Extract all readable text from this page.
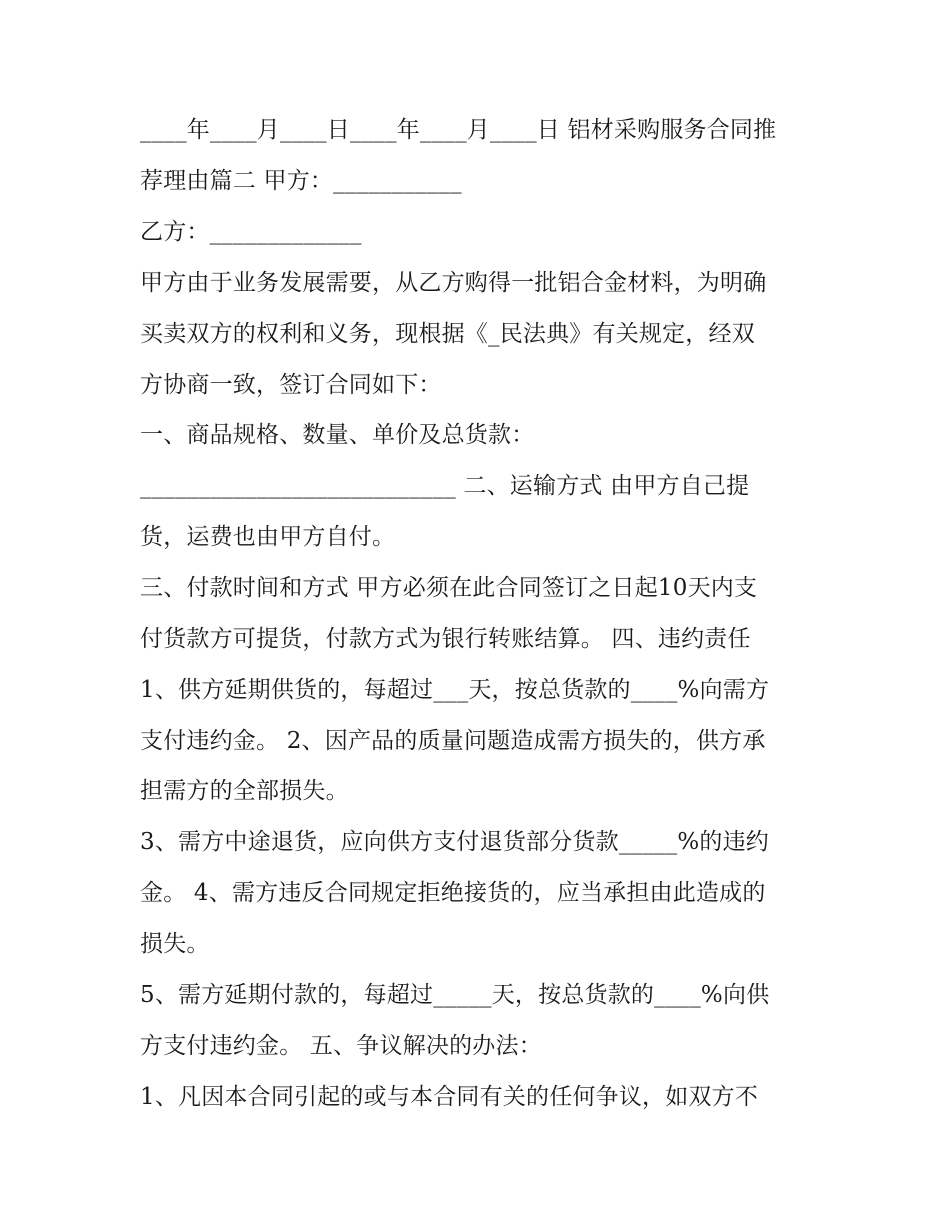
____年____月____日____年____月____日 铝材采购服务合同推
荐理由篇二 甲方：___________
乙方：_____________
甲方由于业务发展需要，从乙方购得一批铝合金材料，为明确
买卖双方的权利和义务，现根据《_民法典》有关规定，经双
方协商一致，签订合同如下：
一、商品规格、数量、单价及总货款：
___________________________ 二、运输方式 由甲方自己提
货，运费也由甲方自付。
三、付款时间和方式 甲方必须在此合同签订之日起10天内支
付货款方可提货，付款方式为银行转账结算。 四、违约责任
1、供方延期供货的，每超过___天，按总货款的____%向需方
支付违约金。 2、因产品的质量问题造成需方损失的，供方承
担需方的全部损失。
3、需方中途退货，应向供方支付退货部分货款_____%的违约
金。 4、需方违反合同规定拒绝接货的，应当承担由此造成的
损失。
5、需方延期付款的，每超过_____天，按总货款的____%向供
方支付违约金。 五、争议解决的办法：
1、凡因本合同引起的或与本合同有关的任何争议，如双方不
